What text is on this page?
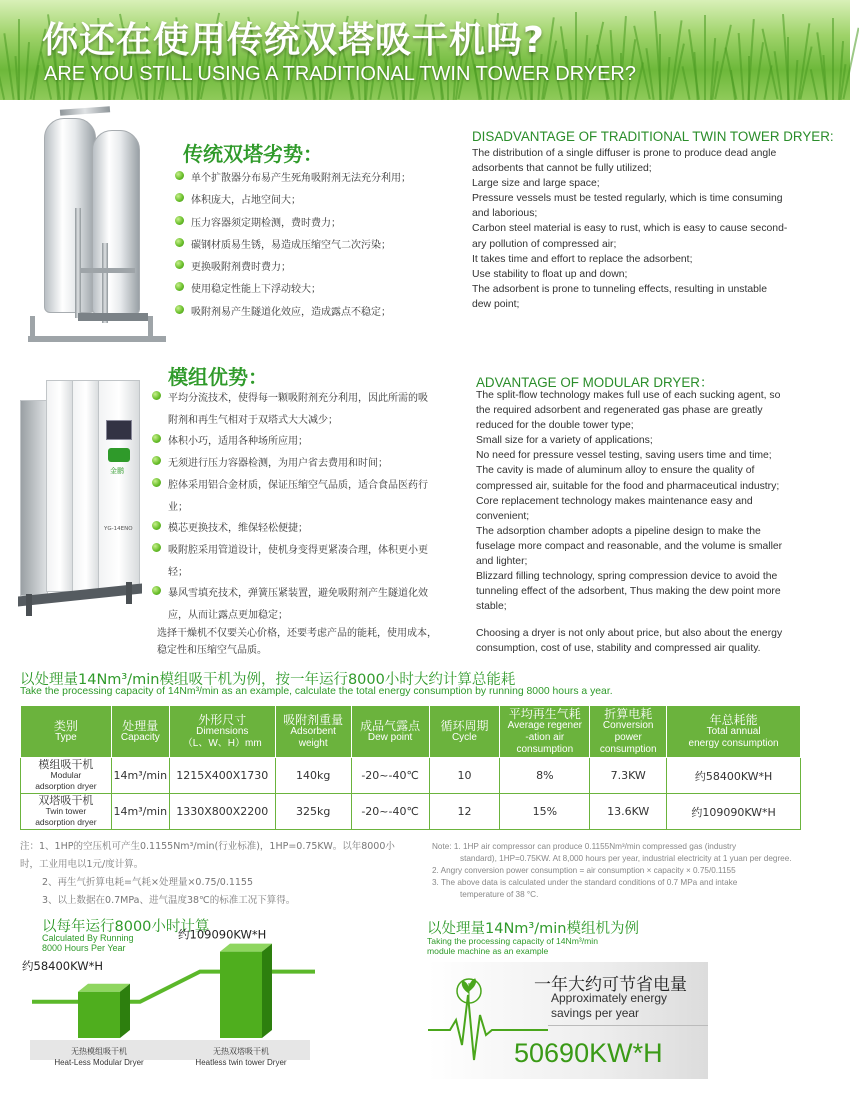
你还在使用传统双塔吸干机吗?
ARE YOU STILL USING A TRADITIONAL TWIN TOWER DRYER?
传统双塔劣势：
单个扩散器分布易产生死角吸附剂无法充分利用；
体积庞大，占地空间大；
压力容器须定期检测，费时费力；
碳钢材质易生锈，易造成压缩空气二次污染；
更换吸附剂费时费力；
使用稳定性能上下浮动较大；
吸附剂易产生隧道化效应，造成露点不稳定；
DISADVANTAGE OF TRADITIONAL TWIN TOWER DRYER:
The distribution of a single diffuser is prone to produce dead angle
adsorbents that cannot be fully utilized;
Large size and large space;
Pressure vessels must be tested regularly, which is time consuming
and laborious;
Carbon steel material is easy to rust, which is easy to cause second-
ary pollution of compressed air;
It takes time and effort to replace the adsorbent;
Use stability to float up and down;
The adsorbent is prone to tunneling effects, resulting in unstable
dew point;
金鹏
YG-14ENO
模组优势：
平均分流技术，使得每一颗吸附剂充分利用，因此所需的吸
附剂和再生气相对于双塔式大大减少；
体积小巧，适用各种场所应用；
无须进行压力容器检测，为用户省去费用和时间；
腔体采用铝合金材质，保证压缩空气品质，适合食品医药行
业；
模芯更换技术，维保轻松便捷；
吸附腔采用管道设计，使机身变得更紧凑合理，体积更小更
轻；
暴风雪填充技术，弹簧压紧装置，避免吸附剂产生隧道化效
应，从而让露点更加稳定；
选择干燥机不仅要关心价格，还要考虑产品的能耗，使用成本，
稳定性和压缩空气品质。
ADVANTAGE OF MODULAR DRYER：
The split-flow technology makes full use of each sucking agent, so
the required adsorbent and regenerated gas phase are greatly
reduced for the double tower type;
Small size for a variety of applications;
No need for pressure vessel testing, saving users time and time;
The cavity is made of aluminum alloy to ensure the quality of
compressed air, suitable for the food and pharmaceutical industry;
Core replacement technology makes maintenance easy and
convenient;
The adsorption chamber adopts a pipeline design to make the
fuselage more compact and reasonable, and the volume is smaller
and lighter;
Blizzard filling technology, spring compression device to avoid the
tunneling effect of the adsorbent, Thus making the dew point more
stable;
Choosing a dryer is not only about price, but also about the energy
consumption, cost of use, stability and compressed air quality.
以处理量14Nm³/min模组吸干机为例，按一年运行8000小时大约计算总能耗
Take the processing capacity of 14Nm³/min as an example, calculate the total energy consumption by running 8000 hours a year.
类别
Type	处理量
Capacity	外形尺寸
Dimensions
（L、W、H）mm	吸附剂重量
Adsorbent
weight	成品气露点
Dew point	循环周期
Cycle	平均再生气耗
Average regener
-ation air
consumption	折算电耗
Conversion
power
consumption	年总耗能
Total annual
energy consumption

模组吸干机
Modular
adsorption dryer	14m³/min	1215X400X1730	140kg	-20~-40℃	10	8%	7.3KW	约58400KW*H

双塔吸干机
Twin tower
adsorption dryer	14m³/min	1330X800X2200	325kg	-20~-40℃	12	15%	13.6KW	约109090KW*H
注：1、1HP的空压机可产生0.1155Nm³/min(行业标准)，1HP=0.75KW。以年8000小
时，工业用电以1元/度计算。
2、再生气折算电耗=气耗×处理量×0.75/0.1155
3、以上数据在0.7MPa、进气温度38℃的标准工况下算得。
Note: 1. 1HP air compressor can produce 0.1155Nm³/min compressed gas (industry
standard), 1HP=0.75KW. At 8,000 hours per year, industrial electricity at 1 yuan per degree.
2. Angry conversion power consumption = air consumption × capacity × 0.75/0.1155
3. The above data is calculated under the standard conditions of 0.7 MPa and intake
temperature of 38 °C.
以每年运行8000小时计算
Calculated By Running 8000 Hours Per Year
约58400KW*H
无热模组吸干机
Heat-Less Modular Dryer
约109090KW*H
无热双塔吸干机
Heatless twin tower Dryer
以处理量14Nm³/min模组机为例
Taking the processing capacity of 14Nm³/min
module machine as an example
一年大约可节省电量
Approximately energy
savings per year
50690KW*H
